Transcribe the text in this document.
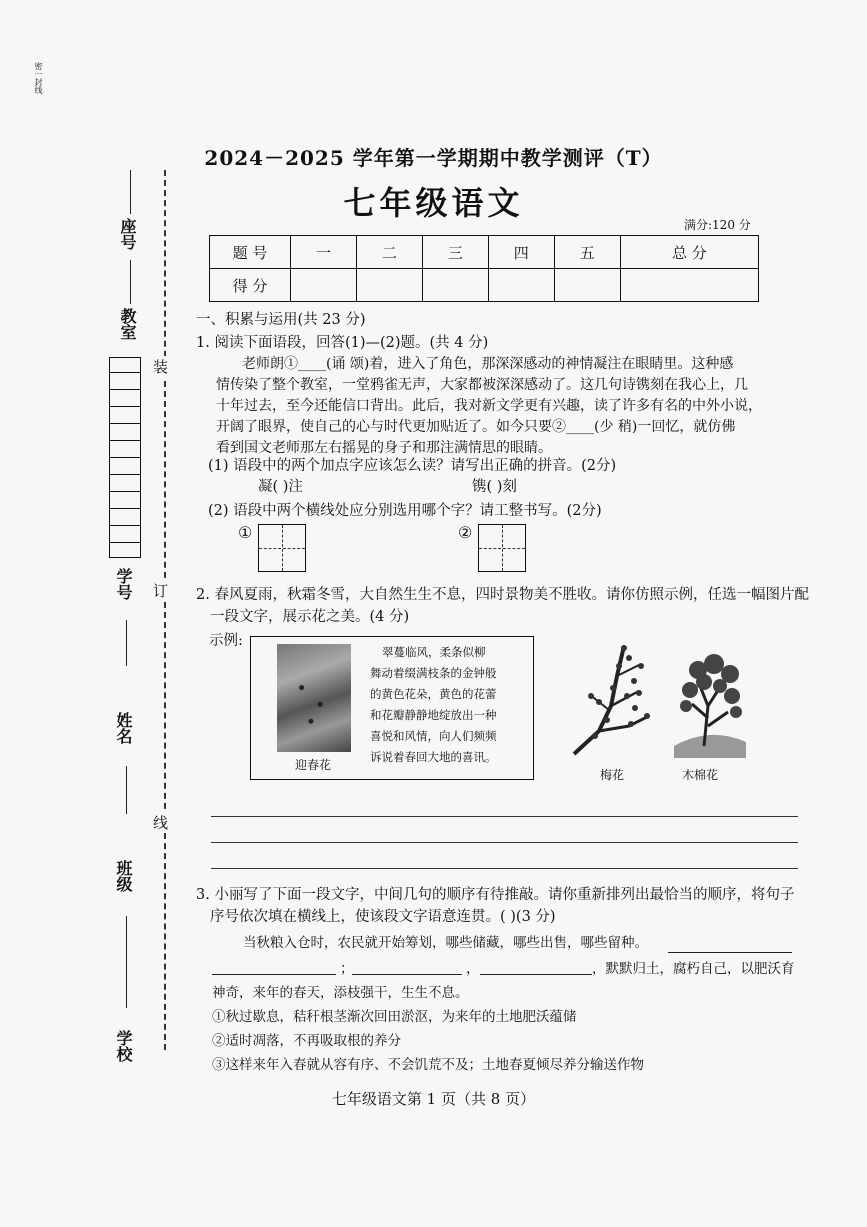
密一封线
座号
教室
学号
姓名
班级
学校
装
订
线
2024－2025 学年第一学期期中教学测评（T）
七年级语文
满分:120 分
题 号	一	二	三	四	五	总 分
得 分						
一、积累与运用(共 23 分)
1. 阅读下面语段，回答(1)—(2)题。(共 4 分)
老师朗①____(诵 颂)着，进入了角色，那深深感动的神情凝注在眼睛里。这种感
情传染了整个教室，一堂鸦雀无声，大家都被深深感动了。这几句诗镌刻在我心上，几
十年过去，至今还能信口背出。此后，我对新文学更有兴趣，读了许多有名的中外小说，
开阔了眼界，使自己的心与时代更加贴近了。如今只要②____(少 稍)一回忆，就仿佛
看到国文老师那左右摇晃的身子和那注满情思的眼睛。
(1) 语段中的两个加点字应该怎么读？请写出正确的拼音。(2分)
凝( )注	镌( )刻
(2) 语段中两个横线处应分别选用哪个字？请工整书写。(2分)
①	②
2. 春风夏雨，秋霜冬雪，大自然生生不息，四时景物美不胜收。请你仿照示例，任选一幅图片配
一段文字，展示花之美。(4 分)
示例:
迎春花
翠蔓临风，柔条似柳
舞动着缀满枝条的金钟般
的黄色花朵，黄色的花蕾
和花瓣静静地绽放出一种
喜悦和风情，向人们频频
诉说着春回大地的喜讯。
梅花	木棉花
3. 小丽写了下面一段文字，中间几句的顺序有待推敲。请你重新排列出最恰当的顺序，将句子
序号依次填在横线上，使该段文字语意连贯。( )(3 分)
当秋粮入仓时，农民就开始筹划，哪些储藏，哪些出售，哪些留种。
；	，	，默默归土，腐朽自己，以肥沃育
神奇，来年的春天，添枝强干，生生不息。
①秋过歇息，秸秆根茎渐次回田淤沤，为来年的土地肥沃蕴储
②适时凋落，不再吸取根的养分
③这样来年入春就从容有序、不会饥荒不及；土地春夏倾尽养分输送作物
七年级语文第 1 页（共 8 页）
